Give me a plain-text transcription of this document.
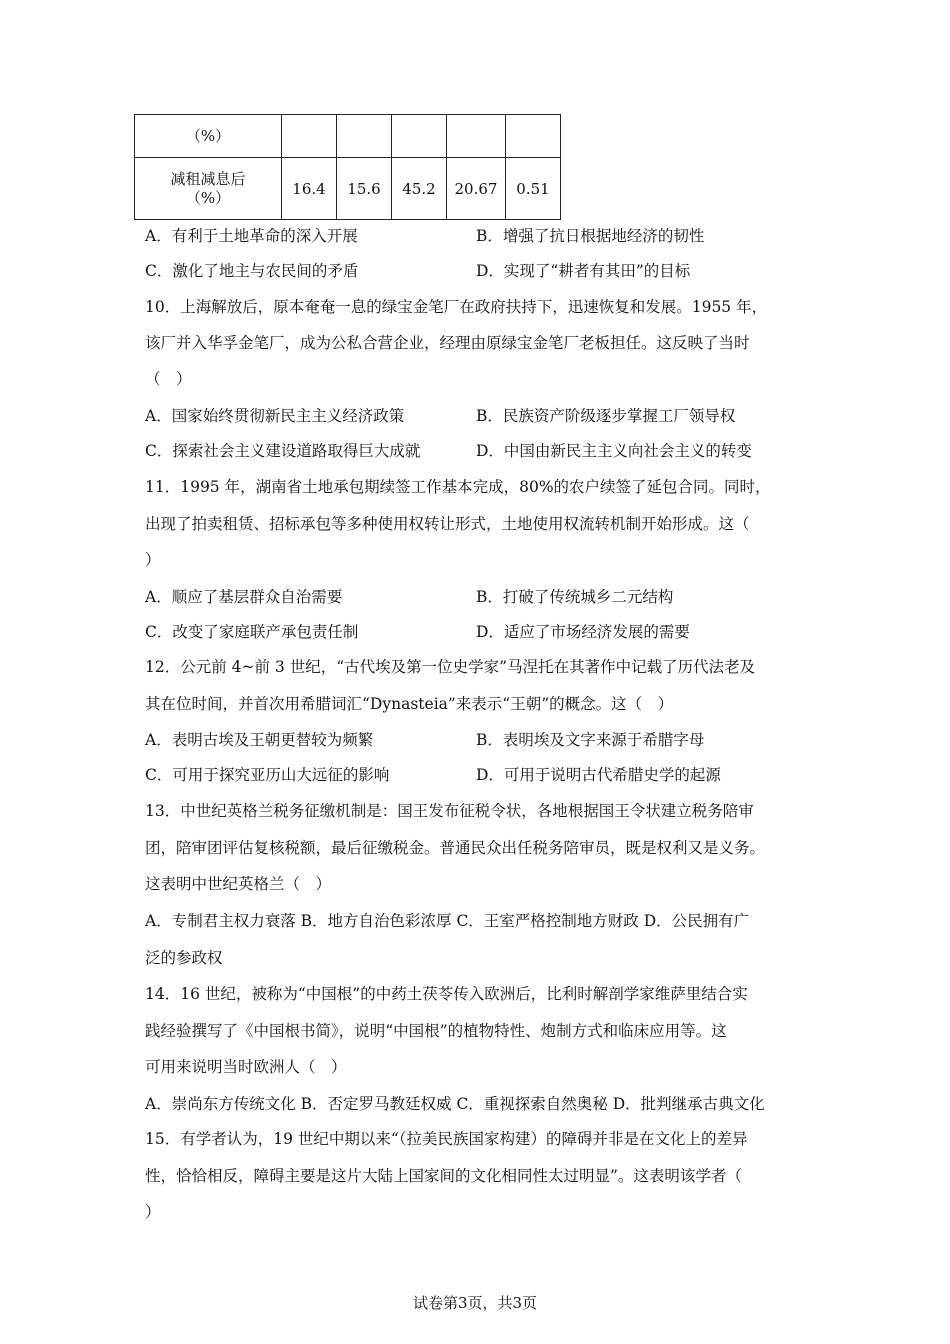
（%）					

减租减息后
（%）	16.4	15.6	45.2	20.67	0.51
A．有利于土地革命的深入开展	B．增强了抗日根据地经济的韧性
C．激化了地主与农民间的矛盾	D．实现了“耕者有其田”的目标
10．上海解放后，原本奄奄一息的绿宝金笔厂在政府扶持下，迅速恢复和发展。1955 年，
该厂并入华孚金笔厂，成为公私合营企业，经理由原绿宝金笔厂老板担任。这反映了当时
（　）
A．国家始终贯彻新民主主义经济政策	B．民族资产阶级逐步掌握工厂领导权
C．探索社会主义建设道路取得巨大成就	D．中国由新民主主义向社会主义的转变
11．1995 年，湖南省土地承包期续签工作基本完成，80%的农户续签了延包合同。同时，
出现了拍卖租赁、招标承包等多种使用权转让形式，土地使用权流转机制开始形成。这（
）
A．顺应了基层群众自治需要	B．打破了传统城乡二元结构
C．改变了家庭联产承包责任制	D．适应了市场经济发展的需要
12．公元前 4~前 3 世纪，“古代埃及第一位史学家”马涅托在其著作中记载了历代法老及
其在位时间，并首次用希腊词汇“Dynasteia”来表示“王朝”的概念。这（　）
A．表明古埃及王朝更替较为频繁	B．表明埃及文字来源于希腊字母
C．可用于探究亚历山大远征的影响	D．可用于说明古代希腊史学的起源
13．中世纪英格兰税务征缴机制是：国王发布征税令状，各地根据国王令状建立税务陪审
团，陪审团评估复核税额，最后征缴税金。普通民众出任税务陪审员，既是权利又是义务。
这表明中世纪英格兰（　）
A．专制君主权力衰落 B．地方自治色彩浓厚 C．王室严格控制地方财政 D．公民拥有广
泛的参政权
14．16 世纪，被称为“中国根”的中药土茯苓传入欧洲后，比利时解剖学家维萨里结合实
践经验撰写了《中国根书简》，说明“中国根”的植物特性、炮制方式和临床应用等。这
可用来说明当时欧洲人（　）
A．崇尚东方传统文化 B．否定罗马教廷权威 C．重视探索自然奥秘 D．批判继承古典文化
15．有学者认为，19 世纪中期以来“（拉美民族国家构建）的障碍并非是在文化上的差异
性，恰恰相反，障碍主要是这片大陆上国家间的文化相同性太过明显”。这表明该学者（
）
试卷第3页，共3页
